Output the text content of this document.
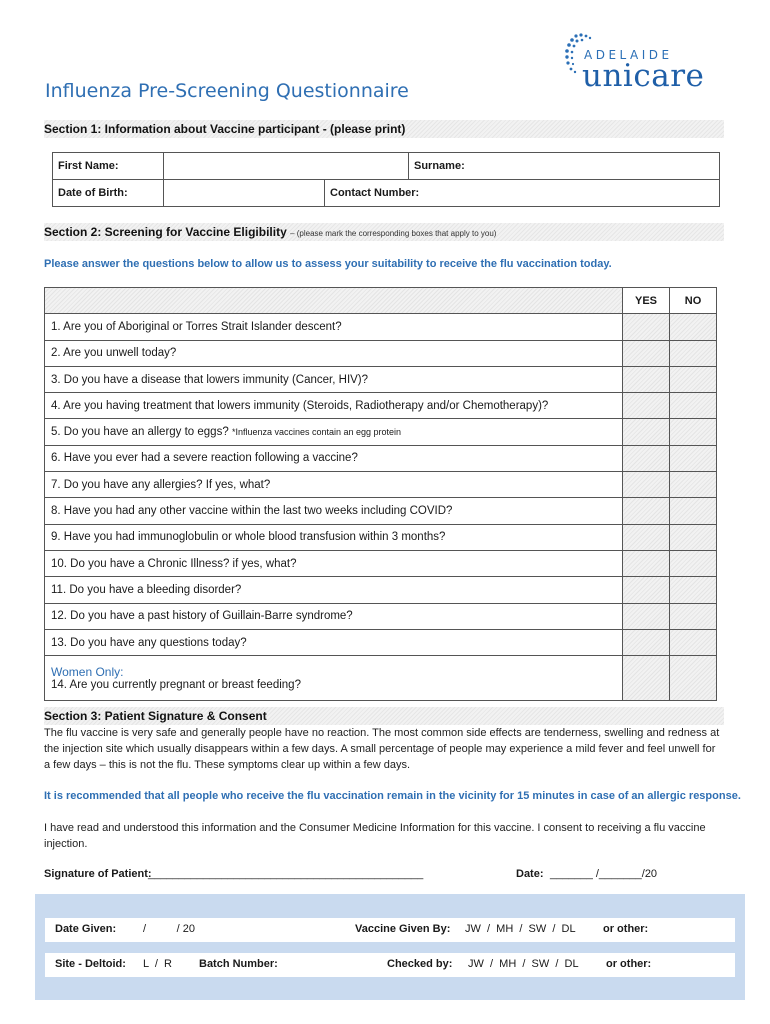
ADELAIDE
unicare
Influenza Pre-Screening Questionnaire
Section 1: Information about Vaccine participant - (please print)
First Name:			Surname:
Date of Birth:		Contact Number:	
Section 2: Screening for Vaccine Eligibility – (please mark the corresponding boxes that apply to you)
Please answer the questions below to allow us to assess your suitability to receive the flu vaccination today.
	YES	NO
1. Are you of Aboriginal or Torres Strait Islander descent?		
2. Are you unwell today?		
3. Do you have a disease that lowers immunity (Cancer, HIV)?		
4. Are you having treatment that lowers immunity (Steroids, Radiotherapy and/or Chemotherapy)?		
5. Do you have an allergy to eggs? *Influenza vaccines contain an egg protein		
6. Have you ever had a severe reaction following a vaccine?		
7. Do you have any allergies? If yes, what?		
8. Have you had any other vaccine within the last two weeks including COVID?		
9. Have you had immunoglobulin or whole blood transfusion within 3 months?		
10. Do you have a Chronic Illness? if yes, what?		
11. Do you have a bleeding disorder?		
12. Do you have a past history of Guillain-Barre syndrome?		
13. Do you have any questions today?		

Women Only:
14. Are you currently pregnant or breast feeding?		
Section 3: Patient Signature & Consent
The flu vaccine is very safe and generally people have no reaction. The most common side effects are tenderness, swelling and redness at the injection site which usually disappears within a few days. A small percentage of people may experience a mild fever and feel unwell for a few days – this is not the flu. These symptoms clear up within a few days.
It is recommended that all people who receive the flu vaccination remain in the vicinity for 15 minutes in case of an allergic response.
I have read and understood this information and the Consumer Medicine Information for this vaccine. I consent to receiving a flu vaccine injection.
Signature of Patient:
_____________________________________________	Date: _______ /_______/20
Date Given: /          / 20	Vaccine Given By: JW  /  MH  /  SW  /  DL or other:
Site - Deltoid: L  /  R Batch Number:	Checked by: JW  /  MH  /  SW  /  DL or other:
